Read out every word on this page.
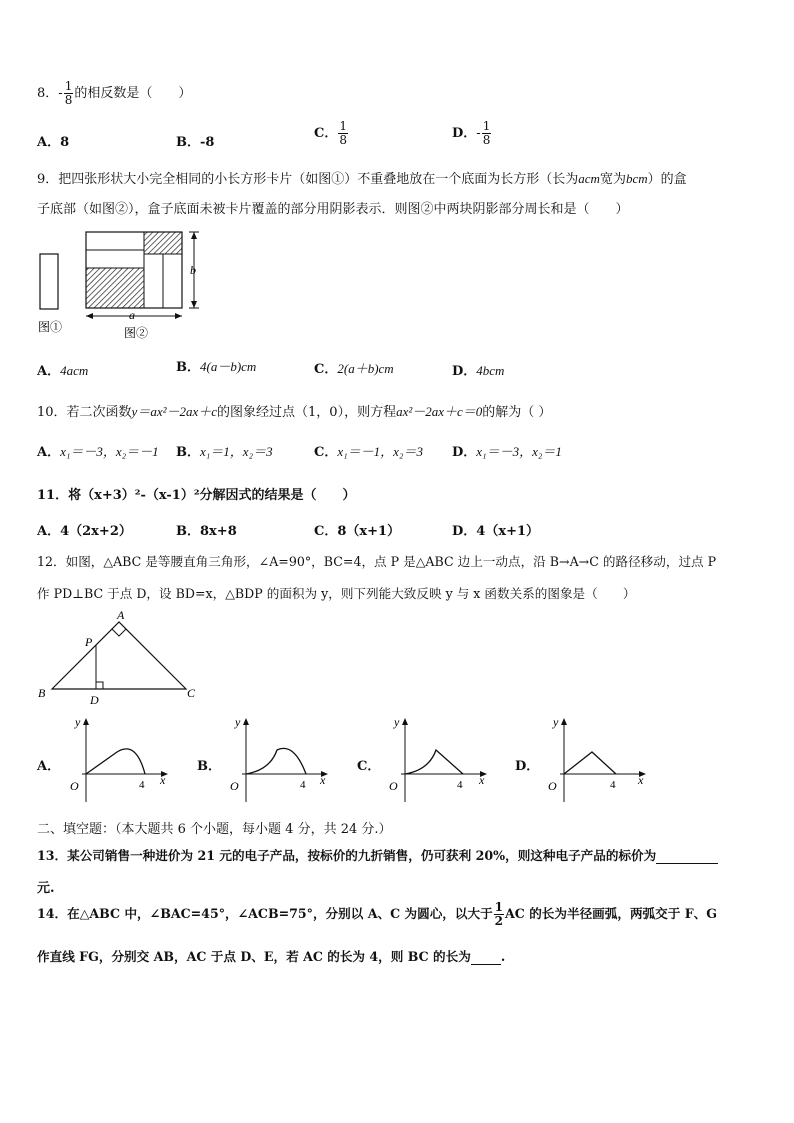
8．- $\frac{1}{8}$ 的相反数是（　　）
A．8	B．-8
C． $\frac{1}{8}$	D．- $\frac{1}{8}$
9．把四张形状大小完全相同的小长方形卡片（如图①）不重叠地放在一个底面为长方形（长为acm宽为bcm）的盒
子底部（如图②），盒子底面未被卡片覆盖的部分用阴影表示．则图②中两块阴影部分周长和是（　　）
图①
b
a
图②
A．4acm	B．4(a－b)cm	C．2(a＋b)cm	D．4bcm
10．若二次函数y＝ax²－2ax＋c的图象经过点（1，0），则方程ax²－2ax＋c＝0的解为（ ）
A．x₁＝－3，x₂＝－1 B．x₁＝1，x₂＝3	C．x₁＝－1，x₂＝3 D．x₁＝－3，x₂＝1
11．将（x+3）²-（x-1）²分解因式的结果是（　　）
A．4（2x+2）	B．8x+8	C．8（x+1）	D．4（x+1）
12．如图，△ABC 是等腰直角三角形，∠A=90°，BC=4，点 P 是△ABC 边上一动点，沿 B→A→C 的路径移动，过点 P
作 PD⊥BC 于点 D，设 BD=x，△BDP 的面积为 y，则下列能大致反映 y 与 x 函数关系的图象是（　　）
A
B	C
P
D
A．
y
x
O	4
B．
y
x
O	4
C．
y
x
O	4
D．
y
x
O	4
二、填空题：（本大题共 6 个小题，每小题 4 分，共 24 分.）
13．某公司销售一种进价为 21 元的电子产品，按标价的九折销售，仍可获利 20%，则这种电子产品的标价为
元.
14．在△ABC 中，∠BAC=45°，∠ACB=75°，分别以 A、C 为圆心，以大于 $\frac{1}{2}$ AC 的长为半径画弧，两弧交于 F、G
作直线 FG，分别交 AB，AC 于点 D、E，若 AC 的长为 4，则 BC 的长为 .
